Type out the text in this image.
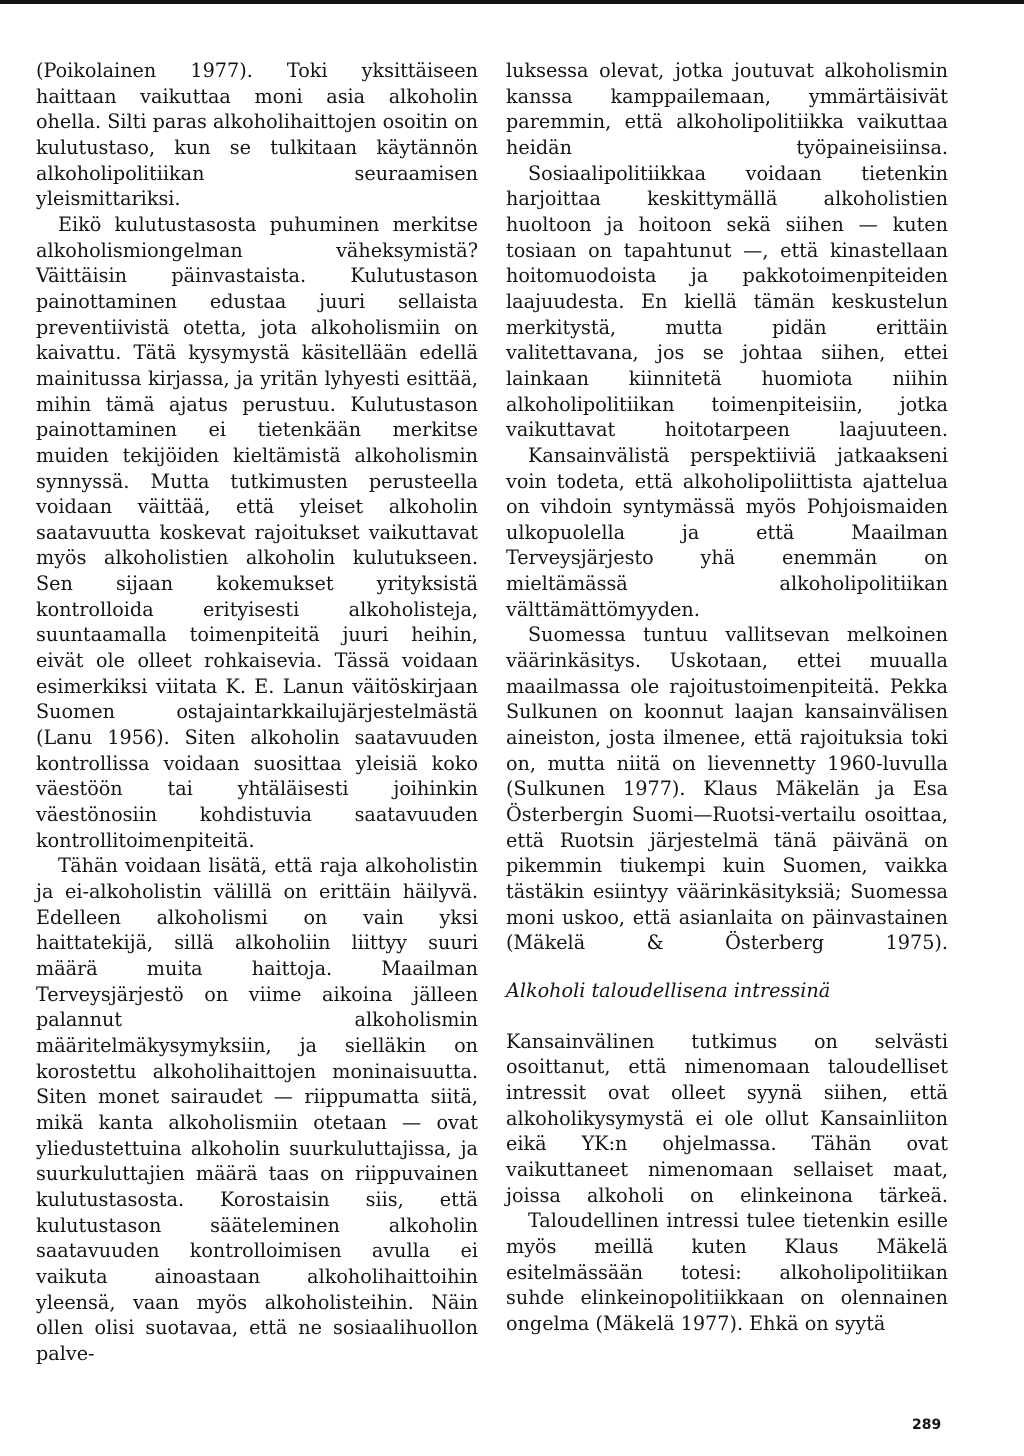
(Poikolainen 1977). Toki yksittäiseen haittaan vaikuttaa moni asia alkoholin ohella. Silti paras alkoholihaittojen osoitin on kulutustaso, kun se tulkitaan käytännön alkoholipolitiikan seuraamisen yleismittariksi.

Eikö kulutustasosta puhuminen merkitse alkoholismiongelman väheksymistä? Väittäisin päinvastaista. Kulutustason painottaminen edustaa juuri sellaista preventiivistä otetta, jota alkoholismiin on kaivattu. Tätä kysymystä käsitellään edellä mainitussa kirjassa, ja yritän lyhyesti esittää, mihin tämä ajatus perustuu. Kulutustason painottaminen ei tietenkään merkitse muiden tekijöiden kieltämistä alkoholismin synnyssä. Mutta tutkimusten perusteella voidaan väittää, että yleiset alkoholin saatavuutta koskevat rajoitukset vaikuttavat myös alkoholistien alkoholin kulutukseen. Sen sijaan kokemukset yrityksistä kontrolloida erityisesti alkoholisteja, suuntaamalla toimenpiteitä juuri heihin, eivät ole olleet rohkaisevia. Tässä voidaan esimerkiksi viitata K. E. Lanun väitöskirjaan Suomen ostajaintarkkailujärjestelmästä (Lanu 1956). Siten alkoholin saatavuuden kontrollissa voidaan suosittaa yleisiä koko väestöön tai yhtäläisesti joihinkin väestönosiin kohdistuvia saatavuuden kontrollitoimenpiteitä.

Tähän voidaan lisätä, että raja alkoholistin ja ei-alkoholistin välillä on erittäin häilyvä. Edelleen alkoholismi on vain yksi haittatekijä, sillä alkoholiin liittyy suuri määrä muita haittoja. Maailman Terveysjärjestö on viime aikoina jälleen palannut alkoholismin määritelmäkysymyksiin, ja sielläkin on korostettu alkoholihaittojen moninaisuutta. Siten monet sairaudet — riippumatta siitä, mikä kanta alkoholismiin otetaan — ovat yliedustettuina alkoholin suurkuluttajissa, ja suurkuluttajien määrä taas on riippuvainen kulutustasosta. Korostaisin siis, että kulutustason sääteleminen alkoholin saatavuuden kontrolloimisen avulla ei vaikuta ainoastaan alkoholihaittoihin yleensä, vaan myös alkoholisteihin. Näin ollen olisi suotavaa, että ne sosiaalihuollon palve-

luksessa olevat, jotka joutuvat alkoholismin kanssa kamppailemaan, ymmärtäisivät paremmin, että alkoholipolitiikka vaikuttaa heidän työpaineisiinsa.

Sosiaalipolitiikkaa voidaan tietenkin harjoittaa keskittymällä alkoholistien huoltoon ja hoitoon sekä siihen — kuten tosiaan on tapahtunut —, että kinastellaan hoitomuodoista ja pakkotoimenpiteiden laajuudesta. En kiellä tämän keskustelun merkitystä, mutta pidän erittäin valitettavana, jos se johtaa siihen, ettei lainkaan kiinnitetä huomiota niihin alkoholipolitiikan toimenpiteisiin, jotka vaikuttavat hoitotarpeen laajuuteen.

Kansainvälistä perspektiiviä jatkaakseni voin todeta, että alkoholipoliittista ajattelua on vihdoin syntymässä myös Pohjoismaiden ulkopuolella ja että Maailman Terveysjärjesto yhä enemmän on mieltämässä alkoholipolitiikan välttämättömyyden.

Suomessa tuntuu vallitsevan melkoinen väärinkäsitys. Uskotaan, ettei muualla maailmassa ole rajoitustoimenpiteitä. Pekka Sulkunen on koonnut laajan kansainvälisen aineiston, josta ilmenee, että rajoituksia toki on, mutta niitä on lievennetty 1960-luvulla (Sulkunen 1977). Klaus Mäkelän ja Esa Österbergin Suomi—Ruotsi-vertailu osoittaa, että Ruotsin järjestelmä tänä päivänä on pikemmin tiukempi kuin Suomen, vaikka tästäkin esiintyy väärinkäsityksiä; Suomessa moni uskoo, että asianlaita on päinvastainen (Mäkelä & Österberg 1975).

Alkoholi taloudellisena intressinä

Kansainvälinen tutkimus on selvästi osoittanut, että nimenomaan taloudelliset intressit ovat olleet syynä siihen, että alkoholikysymystä ei ole ollut Kansainliiton eikä YK:n ohjelmassa. Tähän ovat vaikuttaneet nimenomaan sellaiset maat, joissa alkoholi on elinkeinona tärkeä.

Taloudellinen intressi tulee tietenkin esille myös meillä kuten Klaus Mäkelä esitelmässään totesi: alkoholipolitiikan suhde elinkeinopolitiikkaan on olennainen ongelma (Mäkelä 1977). Ehkä on syytä

289
